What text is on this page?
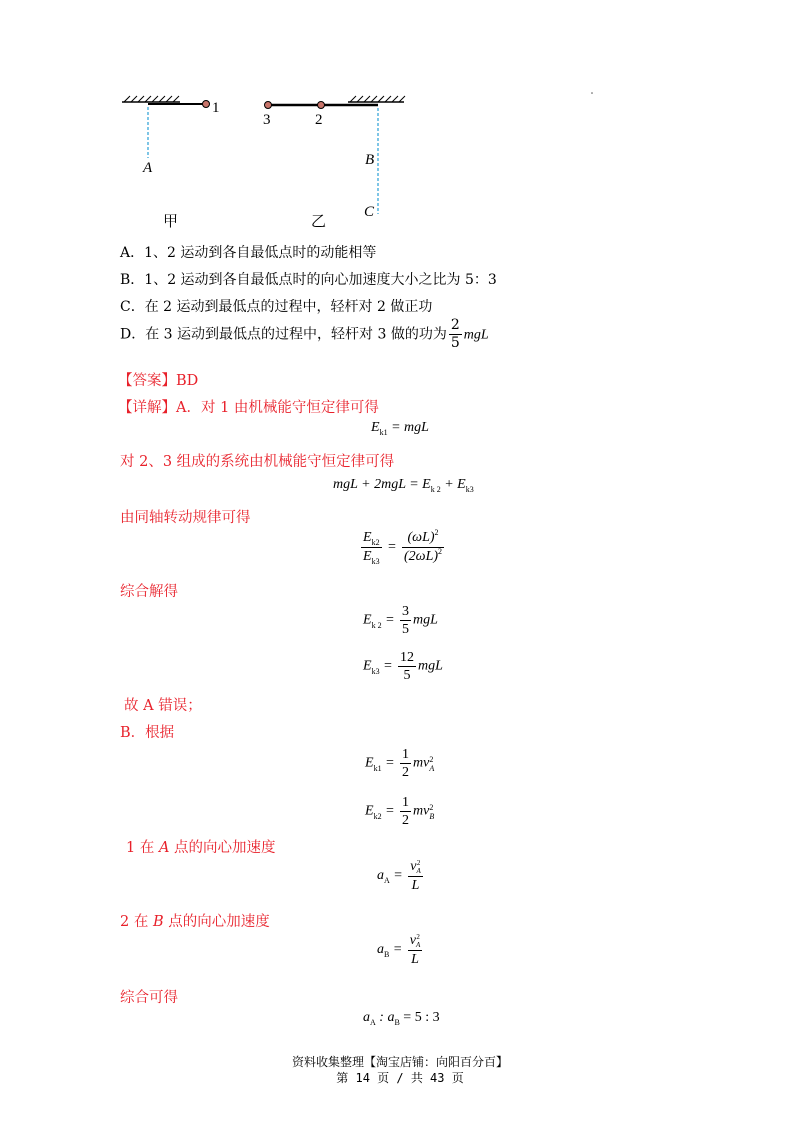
1
3	2
A	B
C
甲	乙
A．1、2 运动到各自最低点时的动能相等
B．1、2 运动到各自最低点时的向心加速度大小之比为 5：3
C．在 2 运动到最低点的过程中，轻杆对 2 做正功
D．在 3 运动到最低点的过程中，轻杆对 3 做的功为 $\frac{2}{5}$ mgL
【答案】BD
【详解】A．对 1 由机械能守恒定律可得
$E_{k1}$ = mgL
对 2、3 组成的系统由机械能守恒定律可得
mgL + $2mgL = E_{k 2} + E_{k3}$
由同轴转动规律可得
$\frac{E_{k2}}{E_{k3}} = \frac{(\omega L)^2}{(2\omega L)^2}$
综合解得
$E_{k 2} = \frac{3}{5}$ mgL
$E_{k3} = \frac{12}{5}$ mgL
故 A 错误；
B．根据
$E_{k1} = \frac{1}{2}$ mv 2
A
$E_{k2} = \frac{1}{2}$ mv 2
B
1 在 A 点的向心加速度
$a_A = v$ 2
A
L
2 在 B 点的向心加速度
$a_B = v$ 2
A
L
综合可得
$a_A$ : $a_B = 5$ : 3
资料收集整理【淘宝店铺：向阳百分百】
第 14 页 / 共 43 页
